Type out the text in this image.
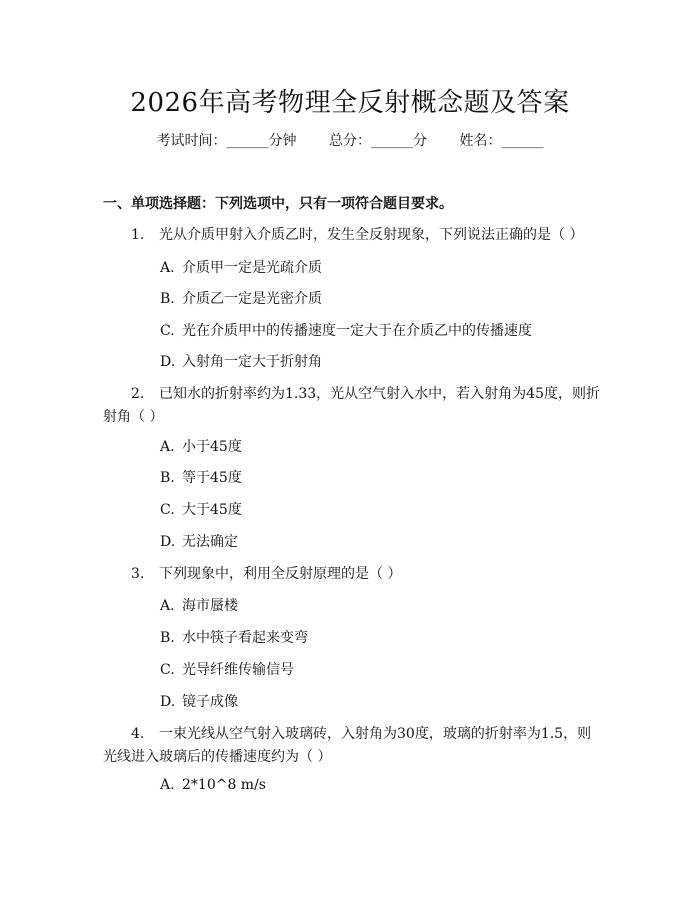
2026年高考物理全反射概念题及答案
考试时间：______分钟 总分：______分 姓名：______
一、单项选择题：下列选项中，只有一项符合题目要求。
1. 光从介质甲射入介质乙时，发生全反射现象，下列说法正确的是（ ）
A. 介质甲一定是光疏介质
B. 介质乙一定是光密介质
C. 光在介质甲中的传播速度一定大于在介质乙中的传播速度
D. 入射角一定大于折射角
2. 已知水的折射率约为1.33，光从空气射入水中，若入射角为45度，则折
射角（ ）
A. 小于45度
B. 等于45度
C. 大于45度
D. 无法确定
3. 下列现象中，利用全反射原理的是（ ）
A. 海市蜃楼
B. 水中筷子看起来变弯
C. 光导纤维传输信号
D. 镜子成像
4. 一束光线从空气射入玻璃砖，入射角为30度，玻璃的折射率为1.5，则
光线进入玻璃后的传播速度约为（ ）
A. 2*10^8 m/s
